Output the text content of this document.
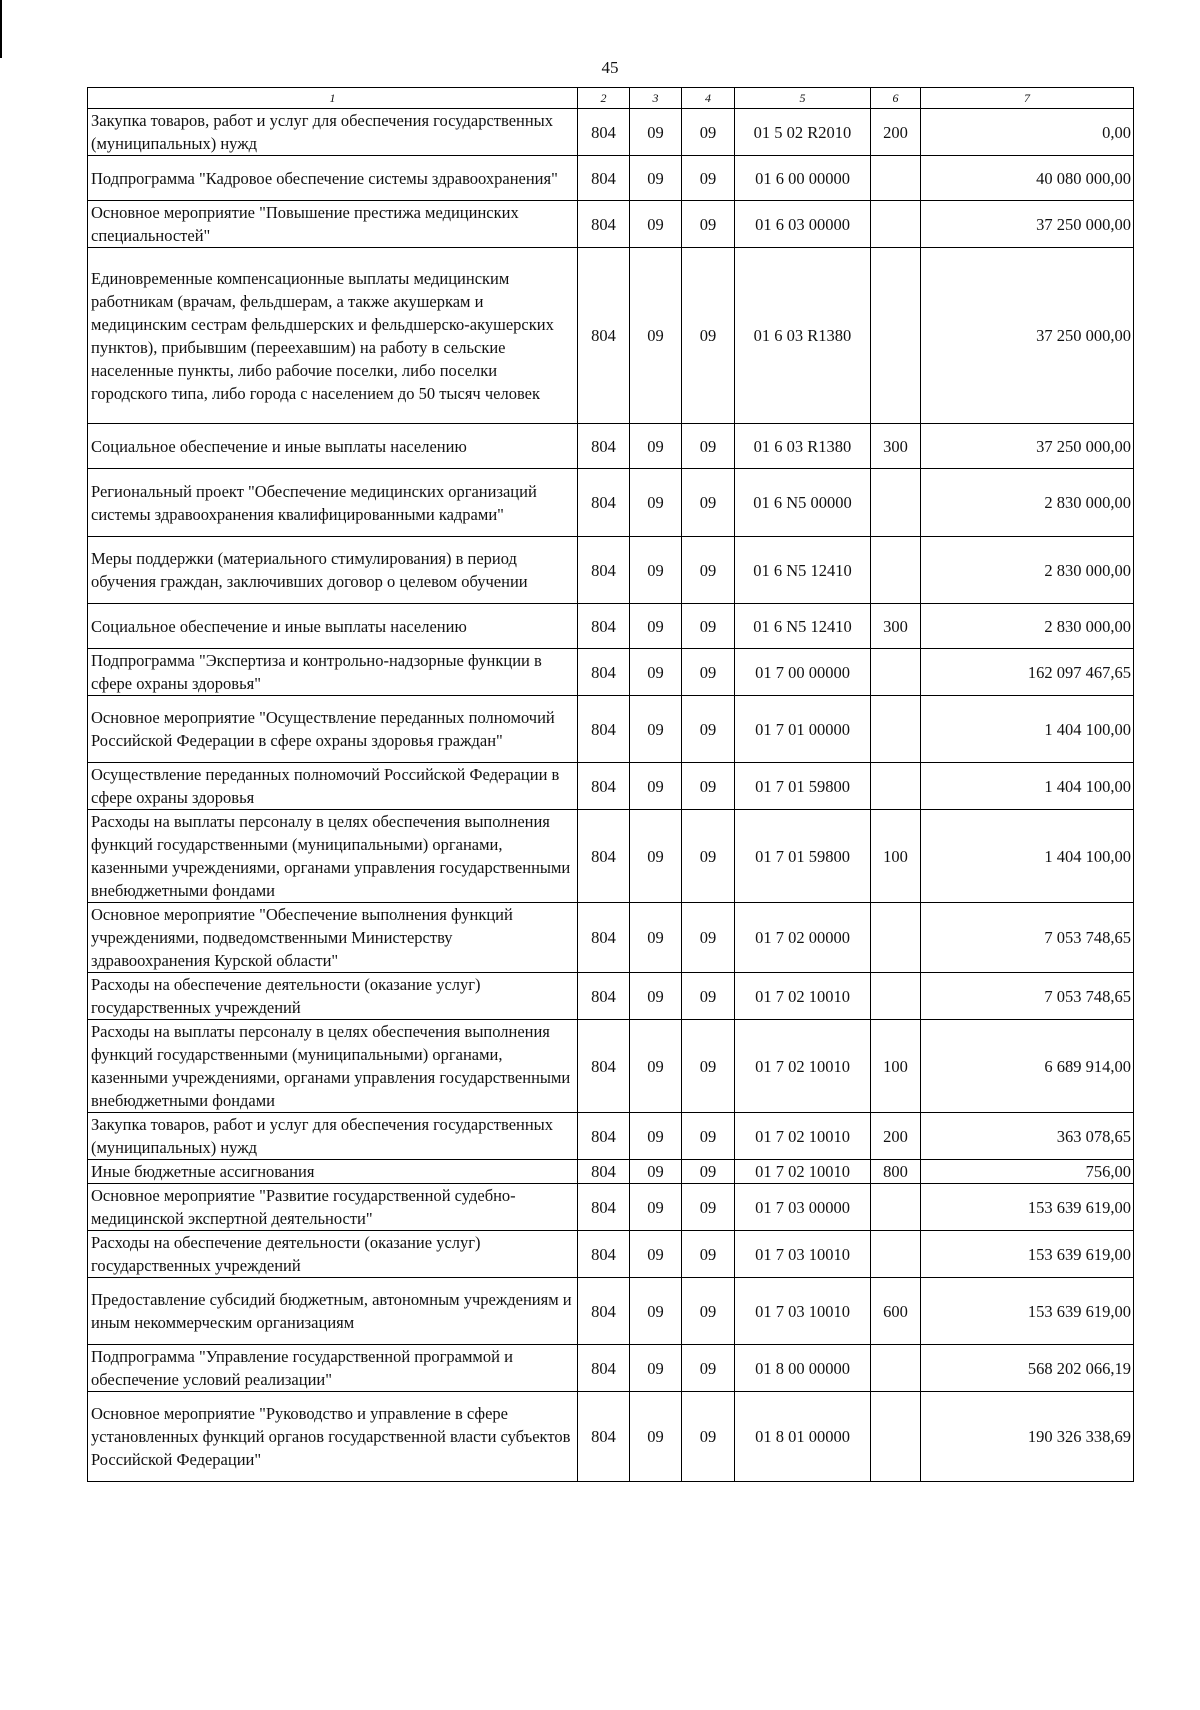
45
1	2	3	4	5	6	7
Закупка товаров, работ и услуг для обеспечения государственных (муниципальных) нужд	804	09	09	01 5 02 R2010	200	0,00
Подпрограмма "Кадровое обеспечение системы здравоохранения"	804	09	09	01 6 00 00000		40 080 000,00
Основное мероприятие "Повышение престижа медицинских специальностей"	804	09	09	01 6 03 00000		37 250 000,00
Единовременные компенсационные выплаты медицинским работникам (врачам, фельдшерам, а также акушеркам и медицинским сестрам фельдшерских и фельдшерско-акушерских пунктов), прибывшим (переехавшим) на работу в сельские населенные пункты, либо рабочие поселки, либо поселки городского типа, либо города с населением до 50 тысяч человек	804	09	09	01 6 03 R1380		37 250 000,00
Социальное обеспечение и иные выплаты населению	804	09	09	01 6 03 R1380	300	37 250 000,00
Региональный проект "Обеспечение медицинских организаций системы здравоохранения квалифицированными кадрами"	804	09	09	01 6 N5 00000		2 830 000,00
Меры поддержки (материального стимулирования) в период обучения граждан, заключивших договор о целевом обучении	804	09	09	01 6 N5 12410		2 830 000,00
Социальное обеспечение и иные выплаты населению	804	09	09	01 6 N5 12410	300	2 830 000,00
Подпрограмма "Экспертиза и контрольно-надзорные функции в сфере охраны здоровья"	804	09	09	01 7 00 00000		162 097 467,65
Основное мероприятие "Осуществление переданных полномочий Российской Федерации в сфере охраны здоровья граждан"	804	09	09	01 7 01 00000		1 404 100,00
Осуществление переданных полномочий Российской Федерации в сфере охраны здоровья	804	09	09	01 7 01 59800		1 404 100,00
Расходы на выплаты персоналу в целях обеспечения выполнения функций государственными (муниципальными) органами, казенными учреждениями, органами управления государственными внебюджетными фондами	804	09	09	01 7 01 59800	100	1 404 100,00
Основное мероприятие "Обеспечение выполнения функций учреждениями, подведомственными Министерству здравоохранения Курской области"	804	09	09	01 7 02 00000		7 053 748,65
Расходы на обеспечение деятельности (оказание услуг) государственных учреждений	804	09	09	01 7 02 10010		7 053 748,65
Расходы на выплаты персоналу в целях обеспечения выполнения функций государственными (муниципальными) органами, казенными учреждениями, органами управления государственными внебюджетными фондами	804	09	09	01 7 02 10010	100	6 689 914,00
Закупка товаров, работ и услуг для обеспечения государственных (муниципальных) нужд	804	09	09	01 7 02 10010	200	363 078,65
Иные бюджетные ассигнования	804	09	09	01 7 02 10010	800	756,00
Основное мероприятие "Развитие государственной судебно-медицинской экспертной деятельности"	804	09	09	01 7 03 00000		153 639 619,00
Расходы на обеспечение деятельности (оказание услуг) государственных учреждений	804	09	09	01 7 03 10010		153 639 619,00
Предоставление субсидий бюджетным, автономным учреждениям и иным некоммерческим организациям	804	09	09	01 7 03 10010	600	153 639 619,00
Подпрограмма "Управление государственной программой и обеспечение условий реализации"	804	09	09	01 8 00 00000		568 202 066,19
Основное мероприятие "Руководство и управление в сфере установленных функций органов государственной власти субъектов Российской Федерации"	804	09	09	01 8 01 00000		190 326 338,69
